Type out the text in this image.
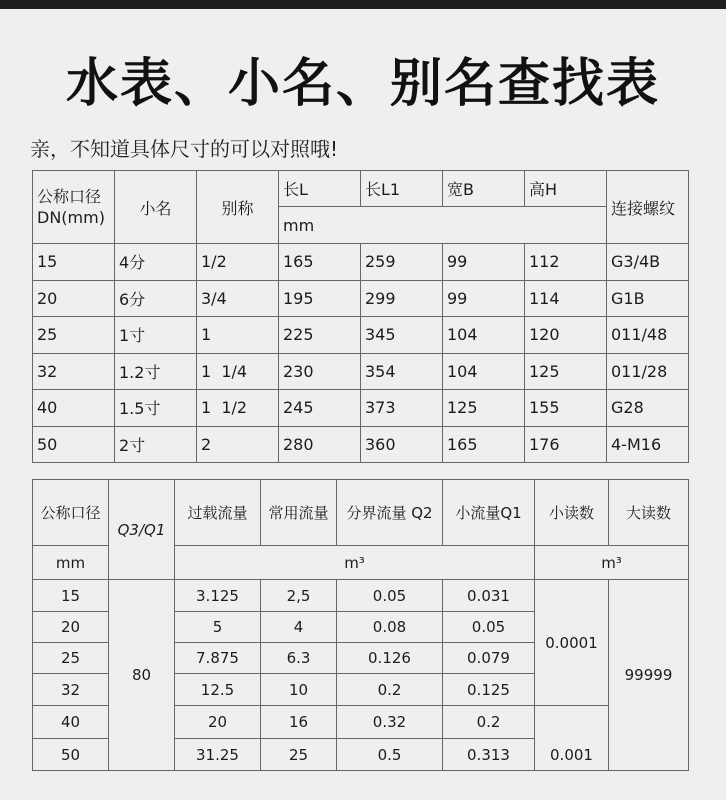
水表、小名、别名查找表
亲，不知道具体尺寸的可以对照哦!
公称口径
DN(mm)	小名	别称	长L	长L1	宽B	高H	连接螺纹
			mm				
15	4分	1/2	165	259	99	112	G3/4B
20	6分	3/4	195	299	99	114	G1B
25	1寸	1	225	345	104	120	011/48
32	1.2寸	1  1/4	230	354	104	125	011/28
40	1.5寸	1  1/2	245	373	125	155	G28
50	2寸	2	280	360	165	176	4-M16
公称口径	Q3/Q1	过载流量	常用流量	分界流量 Q2	小流量Q1	小读数	大读数
mm		m³				m³	
15	80	3.125	2,5	0.05	0.031	0.0001	99999
20		5	4	0.08	0.05		
25		7.875	6.3	0.126	0.079		
32		12.5	10	0.2	0.125		
40		20	16	0.32	0.2	0.001	
50		31.25	25	0.5	0.313		
